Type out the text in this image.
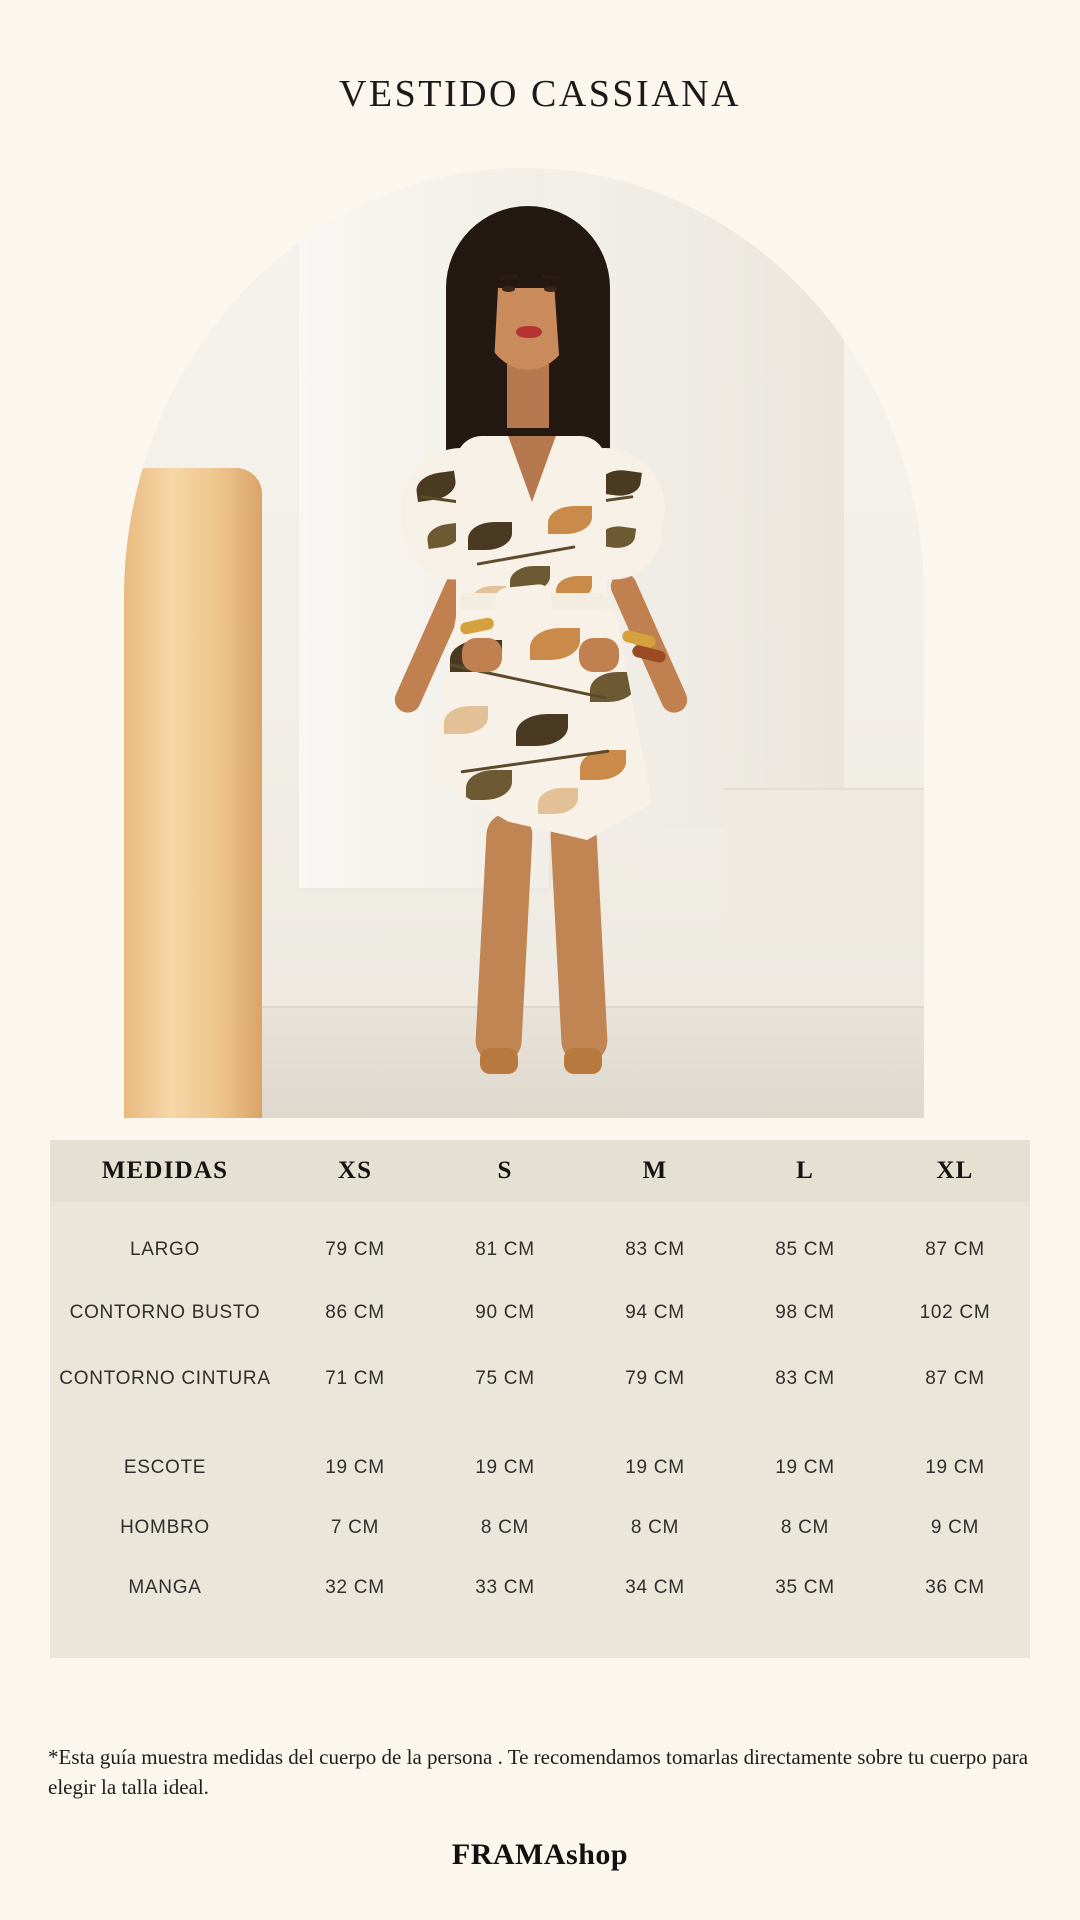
VESTIDO CASSIANA
MEDIDAS	XS	S	M	L	XL
LARGO	79 CM	81 CM	83 CM	85 CM	87 CM
CONTORNO BUSTO	86 CM	90 CM	94 CM	98 CM	102 CM
CONTORNO CINTURA	71 CM	75 CM	79 CM	83 CM	87 CM
ESCOTE	19 CM	19 CM	19 CM	19 CM	19 CM
HOMBRO	7 CM	8 CM	8 CM	8 CM	9 CM
MANGA	32 CM	33 CM	34 CM	35 CM	36 CM
*Esta guía muestra medidas del cuerpo de la persona . Te recomendamos tomarlas directamente sobre tu cuerpo para elegir la talla ideal.
FRAMAshop
